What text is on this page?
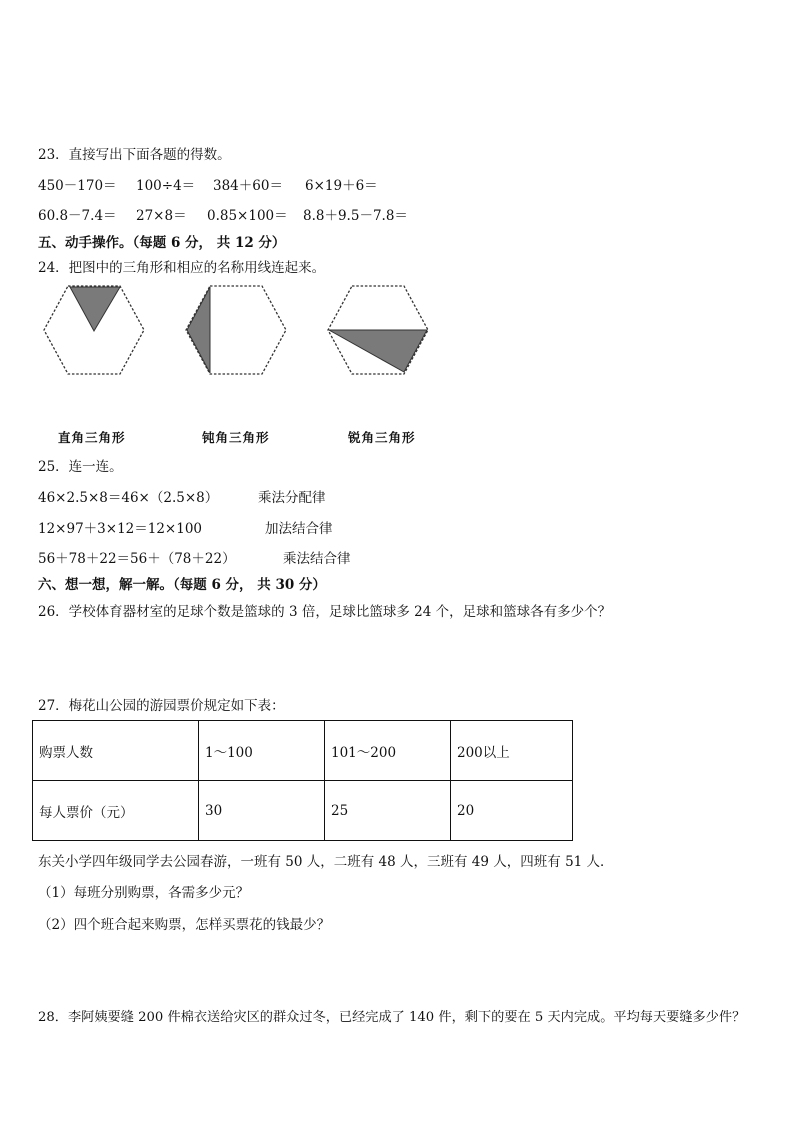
23．直接写出下面各题的得数。
450－170＝ 100÷4＝ 384＋60＝ 6×19＋6＝
60.8－7.4＝ 27×8＝ 0.85×100＝ 8.8＋9.5－7.8＝
五、动手操作。（每题 6 分， 共 12 分）
24．把图中的三角形和相应的名称用线连起来。
直角三角形	钝角三角形	锐角三角形
25．连一连。
46×2.5×8＝46×（2.5×8）	乘法分配律
12×97＋3×12＝12×100	加法结合律
56＋78＋22＝56＋（78＋22）	乘法结合律
六、想一想，解一解。（每题 6 分， 共 30 分）
26．学校体育器材室的足球个数是篮球的 3 倍，足球比篮球多 24 个，足球和篮球各有多少个？
27．梅花山公园的游园票价规定如下表：
购票人数	1～100	101～200	200以上
每人票价（元）	30	25	20
东关小学四年级同学去公园春游，一班有 50 人，二班有 48 人，三班有 49 人，四班有 51 人．
（1）每班分别购票，各需多少元？
（2）四个班合起来购票，怎样买票花的钱最少？
28．李阿姨要缝 200 件棉衣送给灾区的群众过冬，已经完成了 140 件，剩下的要在 5 天内完成。平均每天要缝多少件？
